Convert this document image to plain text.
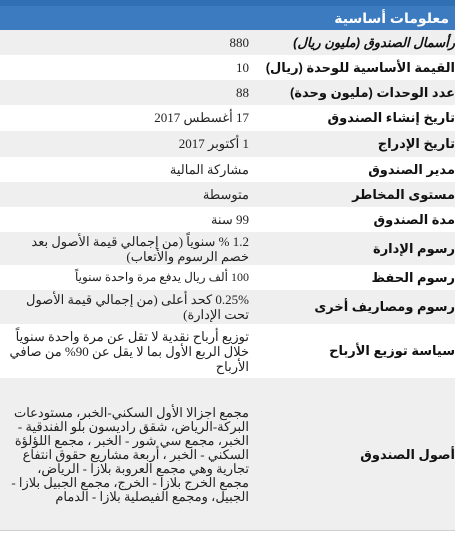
معلومات أساسية
رأسمال الصندوق (مليون ريال)	880	
القيمة الأساسية للوحدة (ريال)	10	
عدد الوحدات (مليون وحدة)	88	
تاريخ إنشاء الصندوق	17 أغسطس 2017	
تاريخ الإدراج	1 أكتوبر 2017	
مدير الصندوق	مشاركة المالية	
مستوى المخاطر	متوسطة	
مدة الصندوق	99 سنة	
رسوم الإدارة	1.2 % سنوياً (من إجمالي قيمة الأصول بعد خصم الرسوم والأتعاب)	
رسوم الحفظ	100 ألف ريال يدفع مرة واحدة سنوياً	
رسوم ومصاريف أخرى	0.25% كحد أعلى (من إجمالي قيمة الأصول تحت الإدارة)	
سياسة توزيع الأرباح	توزيع أرباح نقدية لا تقل عن مرة واحدة سنوياً خلال الربع الأول بما لا يقل عن 90% من صافي الأرباح	
أصول الصندوق	مجمع اجزالا الأول السكني-الخبر، مستودعات البركة-الرياض، شقق راديسون بلو الفندقية - الخبر، مجمع سي شور - الخبر ، مجمع اللؤلؤة السكني - الخبر ، أربعة مشاريع حقوق انتفاع تجارية وهي مجمع العروبة بلازا - الرياض، مجمع الخرج بلازا - الخرج، مجمع الجبيل بلازا - الجبيل، ومجمع الفيصلية بلازا - الدمام	
